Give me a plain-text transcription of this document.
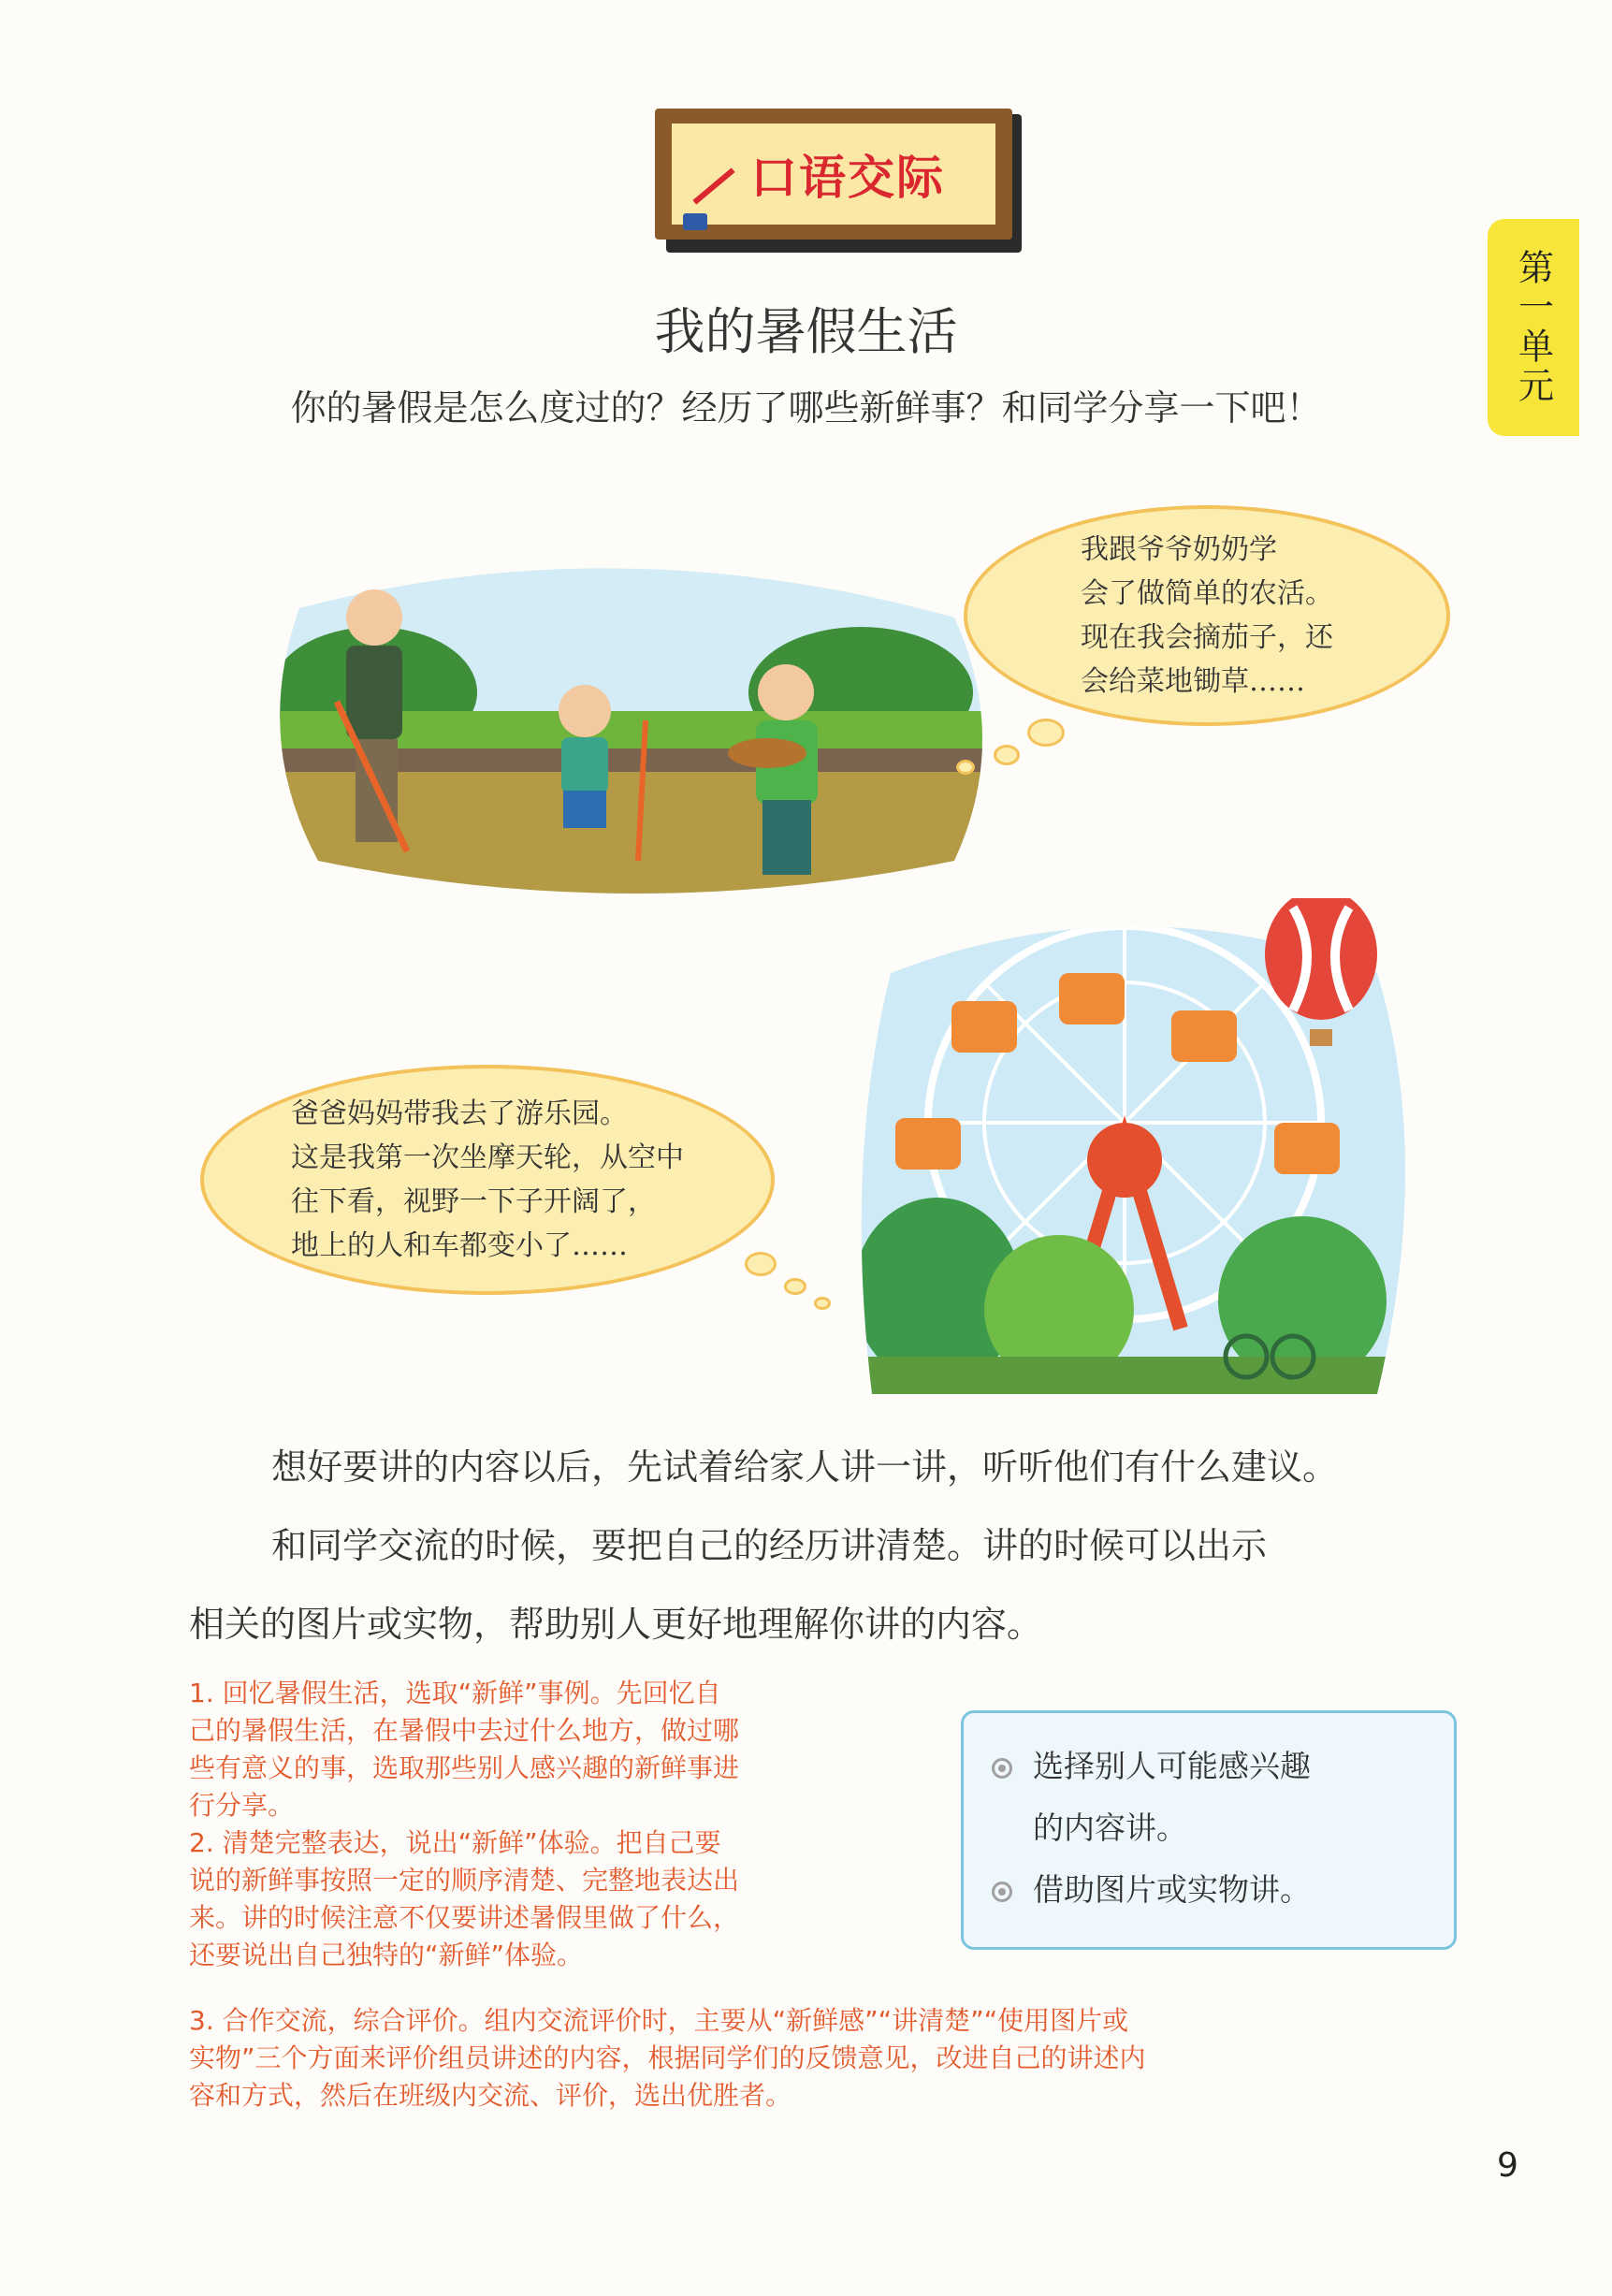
口语交际
第一单元
我的暑假生活
你的暑假是怎么度过的？经历了哪些新鲜事？和同学分享一下吧！
我跟爷爷奶奶学
会了做简单的农活。
现在我会摘茄子，还
会给菜地锄草……
爸爸妈妈带我去了游乐园。
这是我第一次坐摩天轮，从空中
往下看，视野一下子开阔了，
地上的人和车都变小了……
想好要讲的内容以后，先试着给家人讲一讲，听听他们有什么建议。
和同学交流的时候，要把自己的经历讲清楚。讲的时候可以出示
相关的图片或实物，帮助别人更好地理解你讲的内容。
1. 回忆暑假生活，选取“新鲜”事例。先回忆自
己的暑假生活，在暑假中去过什么地方，做过哪
些有意义的事，选取那些别人感兴趣的新鲜事进
行分享。
2. 清楚完整表达，说出“新鲜”体验。把自己要
说的新鲜事按照一定的顺序清楚、完整地表达出
来。讲的时候注意不仅要讲述暑假里做了什么，
还要说出自己独特的“新鲜”体验。
3. 合作交流，综合评价。组内交流评价时，主要从“新鲜感”“讲清楚”“使用图片或
实物”三个方面来评价组员讲述的内容，根据同学们的反馈意见，改进自己的讲述内
容和方式，然后在班级内交流、评价，选出优胜者。
选择别人可能感兴趣
的内容讲。
借助图片或实物讲。
9
